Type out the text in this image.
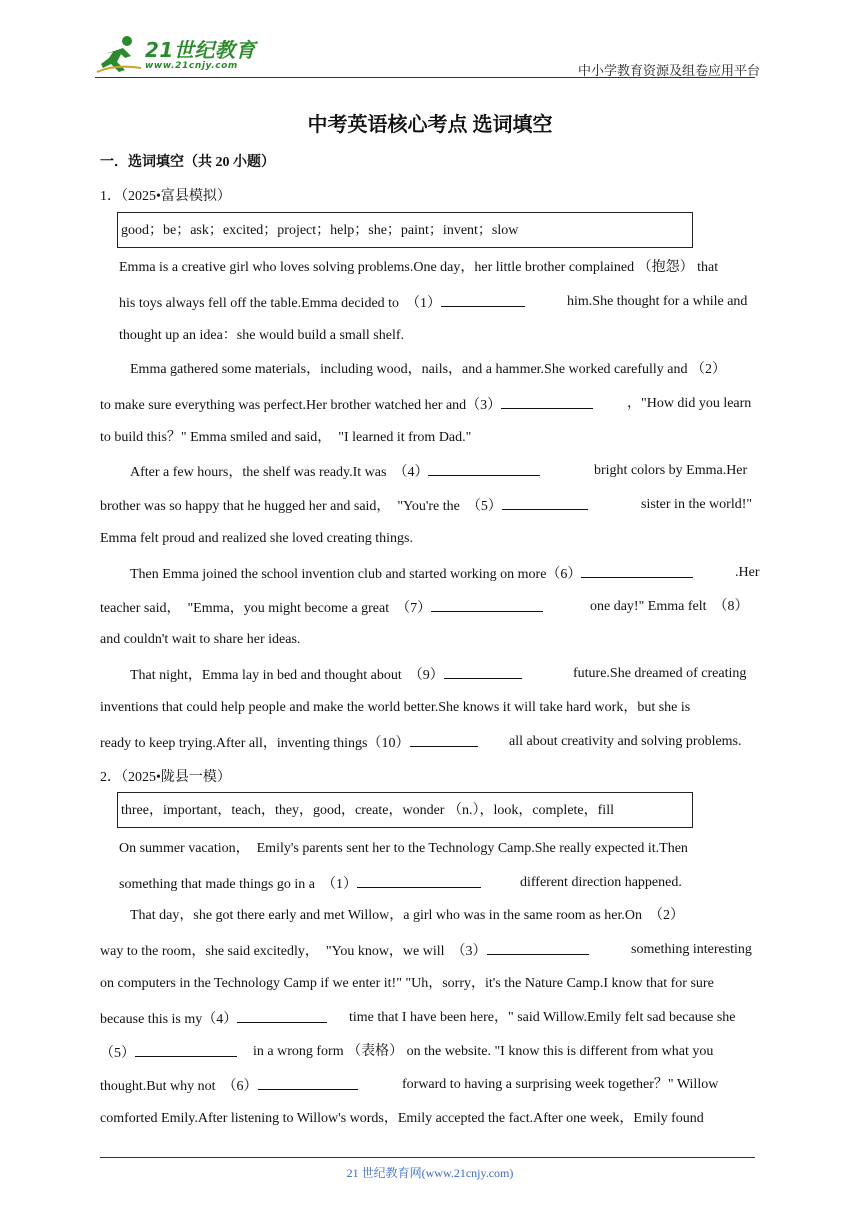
21世纪教育
www.21cnjy.com	中小学教育资源及组卷应用平台
中考英语核心考点 选词填空
一．选词填空（共 20 小题）
1．（2025•富县模拟）
good；be；ask；excited；project；help；she；paint；invent；slow
Emma is a creative girl who loves solving problems.One day，her little brother complained （抱怨） that
his toys always fell off the table.Emma decided to  （1）	him.She thought for a while and
thought up an idea：she would build a small shelf.
Emma gathered some materials，including wood，nails，and a hammer.She worked carefully and （2）
to make sure everything was perfect.Her brother watched her and（3）	，"How did you learn
to build this？" Emma smiled and said，  "I learned it from Dad."
After a few hours，the shelf was ready.It was  （4）	bright colors by Emma.Her
brother was so happy that he hugged her and said，  "You're the  （5）	sister in the world!"
Emma felt proud and realized she loved creating things.
Then Emma joined the school invention club and started working on more（6）	.Her
teacher said，  "Emma，you might become a great  （7）	one day!" Emma felt  （8）
and couldn't wait to share her ideas.
That night，Emma lay in bed and thought about  （9）	future.She dreamed of creating
inventions that could help people and make the world better.She knows it will take hard work，but she is
ready to keep trying.After all，inventing things（10）	all about creativity and solving problems.
2．（2025•陇县一模）
three，important，teach，they，good，create，wonder （n.），look，complete，fill
On summer vacation，  Emily's parents sent her to the Technology Camp.She really expected it.Then
something that made things go in a  （1）	different direction happened.
That day，she got there early and met Willow，a girl who was in the same room as her.On  （2）
way to the room，she said excitedly，  "You know，we will  （3）	something interesting
on computers in the Technology Camp if we enter it!" "Uh，sorry，it's the Nature Camp.I know that for sure
because this is my（4）	time that I have been here，" said Willow.Emily felt sad because she
（5）	in a wrong form （表格） on the website. "I know this is different from what you
thought.But why not  （6）	forward to having a surprising week together？" Willow
comforted Emily.After listening to Willow's words，Emily accepted the fact.After one week，Emily found
21 世纪教育网(www.21cnjy.com)
